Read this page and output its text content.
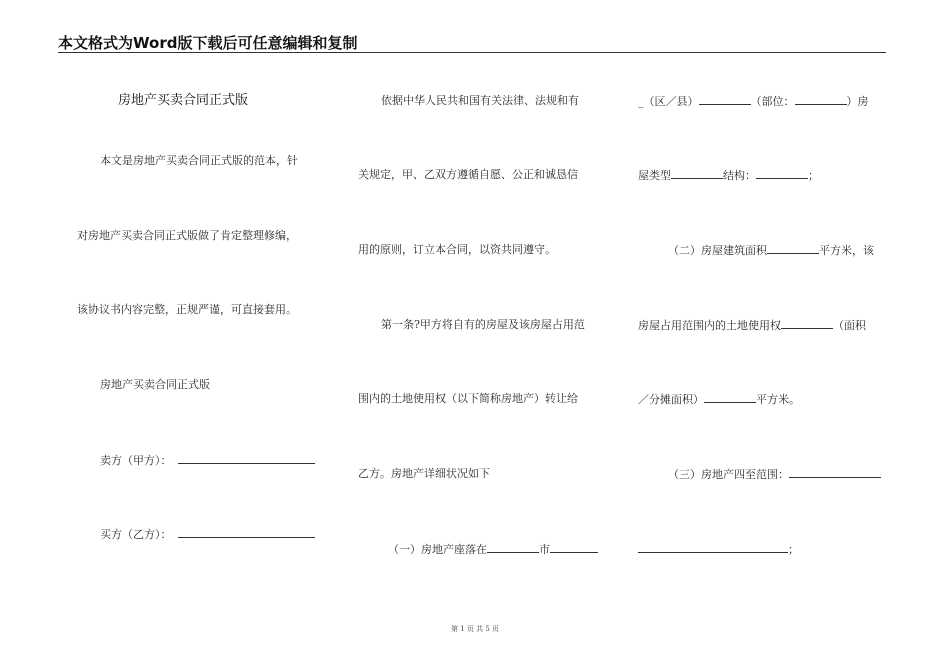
本文格式为Word版下载后可任意编辑和复制
房地产买卖合同正式版
本文是房地产买卖合同正式版的范本，针
对房地产买卖合同正式版做了肯定整理修编，
该协议书内容完整，正规严谨，可直接套用。
房地产买卖合同正式版
卖方（甲方）：
买方（乙方）：
依据中华人民共和国有关法律、法规和有
关规定，甲、乙双方遵循自愿、公正和诚恳信
用的原则，订立本合同，以资共同遵守。
第一条?甲方将自有的房屋及该房屋占用范
围内的土地使用权（以下简称房地产）转让给
乙方。房地产详细状况如下
（一）房地产座落在	市
_（区／县）	（部位：	）房
屋类型	结构：	；
（二）房屋建筑面积	平方米，该
房屋占用范围内的土地使用权	（面积
／分摊面积）	平方米。
（三）房地产四至范围：
；
第 1 页 共 5 页
